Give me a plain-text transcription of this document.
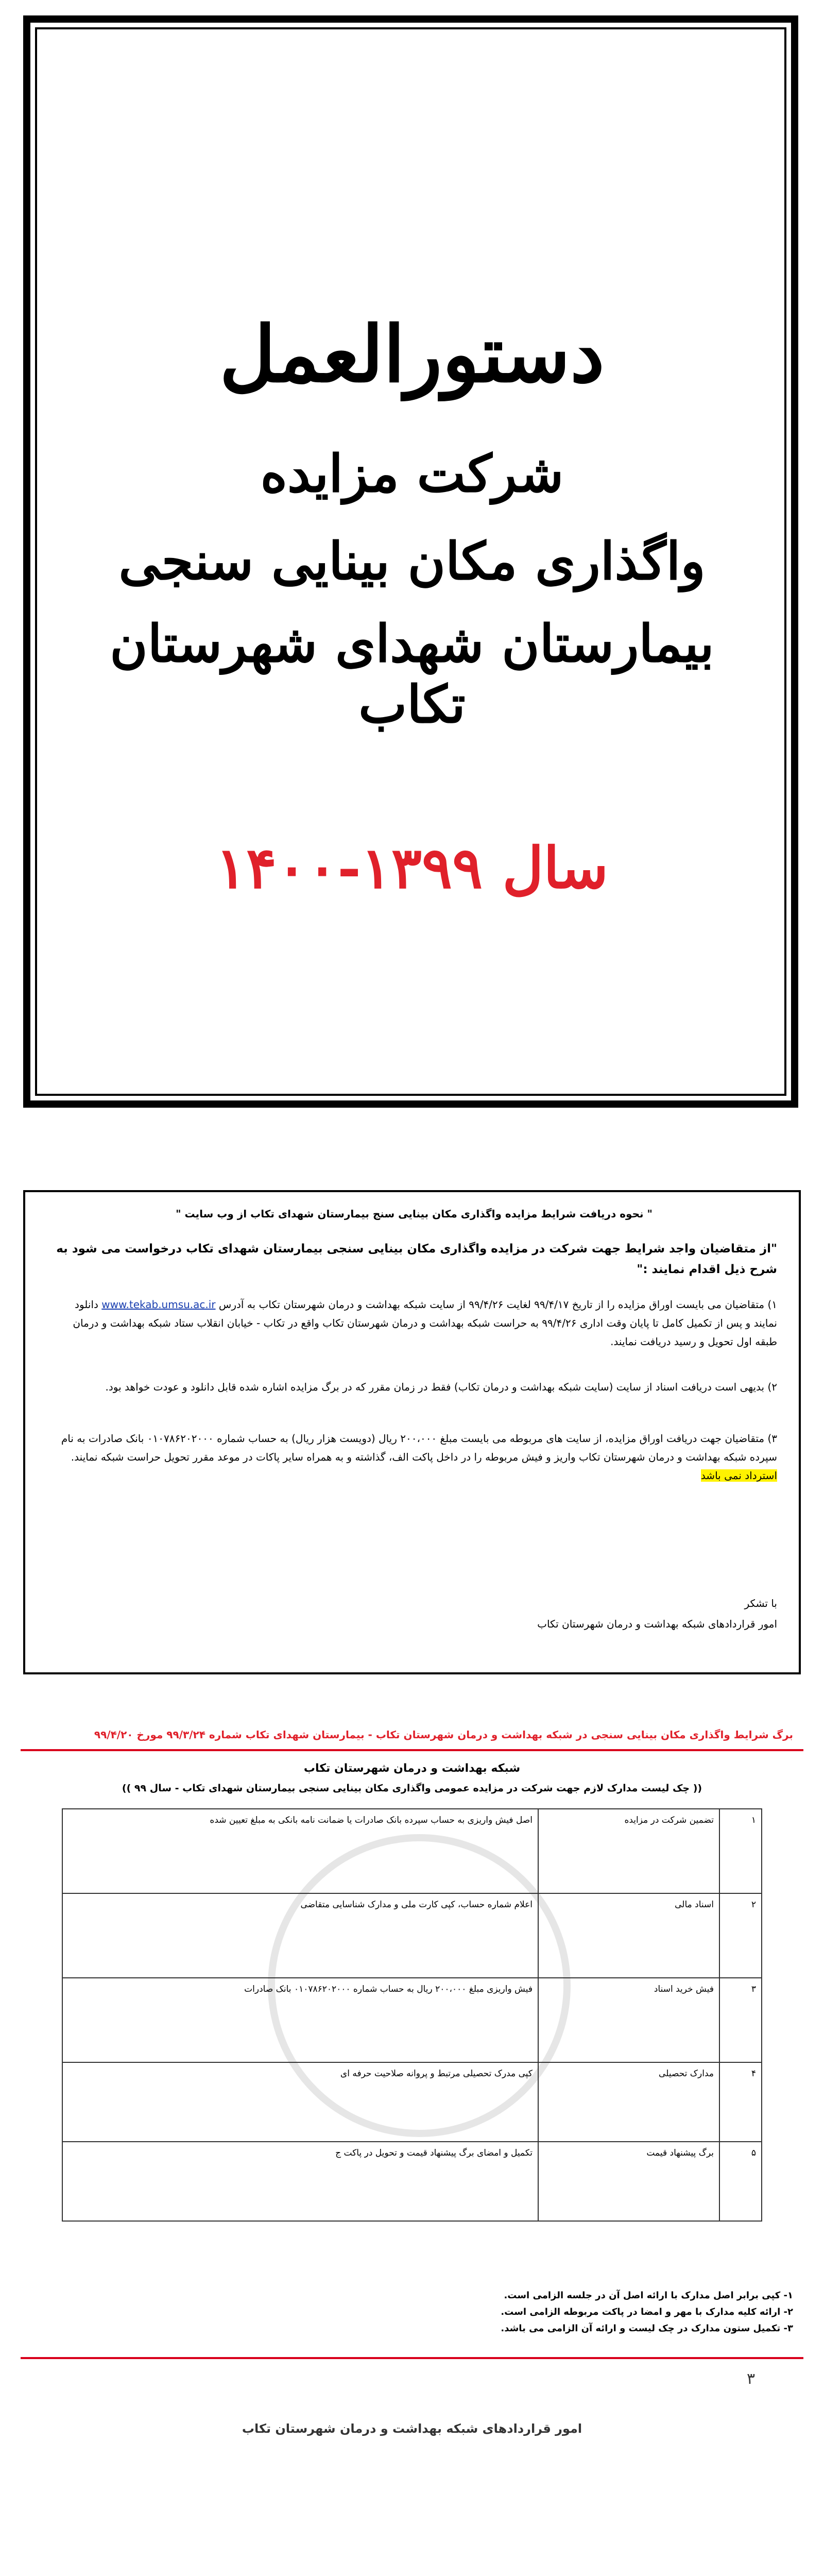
دستورالعمل
شرکت مزایده
واگذاری مکان بینایی سنجی
بیمارستان شهدای شهرستان تکاب
سال ۱۳۹۹-۱۴۰۰
" نحوه دریافت شرایط مزایده واگذاری مکان بینایی سنج بیمارستان شهدای تکاب از وب سایت "
"از متقاضیان واجد شرایط جهت شرکت در مزایده واگذاری مکان بینایی سنجی بیمارستان شهدای تکاب درخواست می شود به شرح ذیل اقدام نمایند :"
۱) متقاضیان می بایست اوراق مزایده را از تاریخ ۹۹/۴/۱۷ لغایت ۹۹/۴/۲۶ از سایت شبکه بهداشت و درمان شهرستان تکاب به آدرس www.tekab.umsu.ac.ir دانلود نمایند و پس از تکمیل کامل تا پایان وقت اداری ۹۹/۴/۲۶ به حراست شبکه بهداشت و درمان شهرستان تکاب واقع در تکاب - خیابان انقلاب ستاد شبکه بهداشت و درمان طبقه اول تحویل و رسید دریافت نمایند.
۲) بدیهی است دریافت اسناد از سایت (سایت شبکه بهداشت و درمان تکاب) فقط در زمان مقرر که در برگ مزایده اشاره شده قابل دانلود و عودت خواهد بود.
۳) متقاضیان جهت دریافت اوراق مزایده، از سایت های مربوطه می بایست مبلغ ۲۰۰،۰۰۰ ریال (دویست هزار ریال) به حساب شماره ۰۱۰۷۸۶۲۰۲۰۰۰ بانک صادرات به نام سپرده شبکه بهداشت و درمان شهرستان تکاب واریز و فیش مربوطه را در داخل پاکت الف، گذاشته و به همراه سایر پاکات در موعد مقرر تحویل حراست شبکه نمایند. استرداد نمی باشد
با تشکر
امور قراردادهای شبکه بهداشت و درمان شهرستان تکاب
برگ شرایط واگذاری مکان بینایی سنجی در شبکه بهداشت و درمان شهرستان تکاب - بیمارستان شهدای تکاب شماره ۹۹/۳/۲۴ مورخ ۹۹/۴/۲۰
شبکه بهداشت و درمان شهرستان تکاب
(( چک لیست مدارک لازم جهت شرکت در مزایده عمومی واگذاری مکان بینایی سنجی بیمارستان شهدای تکاب - سال ۹۹ ))
۱	تضمین شرکت در مزایده	اصل فیش واریزی به حساب سپرده بانک صادرات یا ضمانت نامه بانکی به مبلغ تعیین شده
۲	اسناد مالی	اعلام شماره حساب، کپی کارت ملی و مدارک شناسایی متقاضی
۳	فیش خرید اسناد	فیش واریزی مبلغ ۲۰۰،۰۰۰ ریال به حساب شماره ۰۱۰۷۸۶۲۰۲۰۰۰ بانک صادرات
۴	مدارک تحصیلی	کپی مدرک تحصیلی مرتبط و پروانه صلاحیت حرفه ای
۵	برگ پیشنهاد قیمت	تکمیل و امضای برگ پیشنهاد قیمت و تحویل در پاکت ج
۱- کپی برابر اصل مدارک با ارائه اصل آن در جلسه الزامی است.
۲- ارائه کلیه مدارک با مهر و امضا در پاکت مربوطه الزامی است.
۳- تکمیل ستون مدارک در چک لیست و ارائه آن الزامی می باشد.
۳
امور قراردادهای شبکه بهداشت و درمان شهرستان تکاب
